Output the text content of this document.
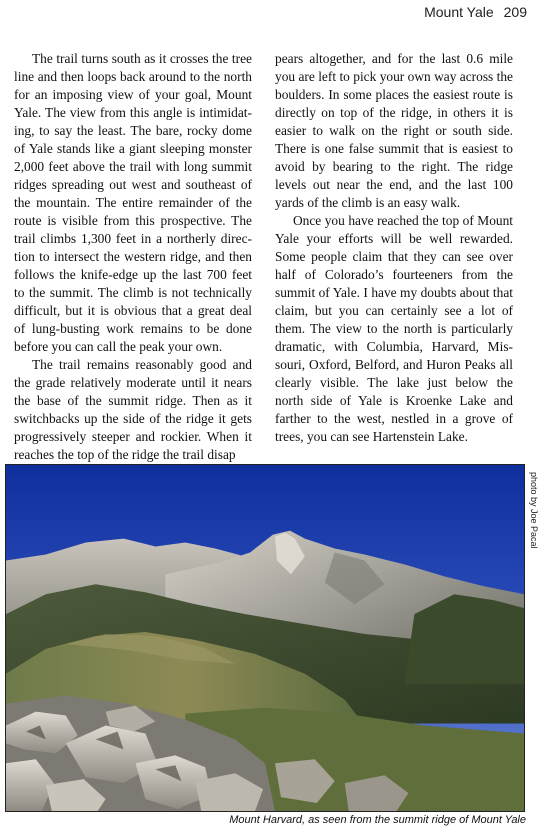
Mount Yale 209

The trail turns south as it crosses the tree line and then loops back around to the north for an imposing view of your goal, Mount Yale. The view from this angle is intimidating, to say the least. The bare, rocky dome of Yale stands like a giant sleeping monster 2,000 feet above the trail with long summit ridges spreading out west and southeast of the mountain. The entire remainder of the route is visible from this prospective. The trail climbs 1,300 feet in a northerly direction to intersect the western ridge, and then follows the knife-edge up the last 700 feet to the summit. The climb is not technically difficult, but it is obvious that a great deal of lung-busting work remains to be done before you can call the peak your own.

The trail remains reasonably good and the grade relatively moderate until it nears the base of the summit ridge. Then as it switchbacks up the side of the ridge it gets progressively steeper and rockier. When it reaches the top of the ridge the trail disap

pears altogether, and for the last 0.6 mile you are left to pick your own way across the boulders. In some places the easiest route is directly on top of the ridge, in others it is easier to walk on the right or south side. There is one false summit that is easiest to avoid by bearing to the right. The ridge levels out near the end, and the last 100 yards of the climb is an easy walk.

Once you have reached the top of Mount Yale your efforts will be well rewarded. Some people claim that they can see over half of Colorado’s fourteeners from the summit of Yale. I have my doubts about that claim, but you can certainly see a lot of them. The view to the north is particularly dramatic, with Columbia, Harvard, Missouri, Oxford, Belford, and Huron Peaks all clearly visible. The lake just below the north side of Yale is Kroenke Lake and farther to the west, nestled in a grove of trees, you can see Hartenstein Lake.

photo by Joe Pacal
Mount Harvard, as seen from the summit ridge of Mount Yale
